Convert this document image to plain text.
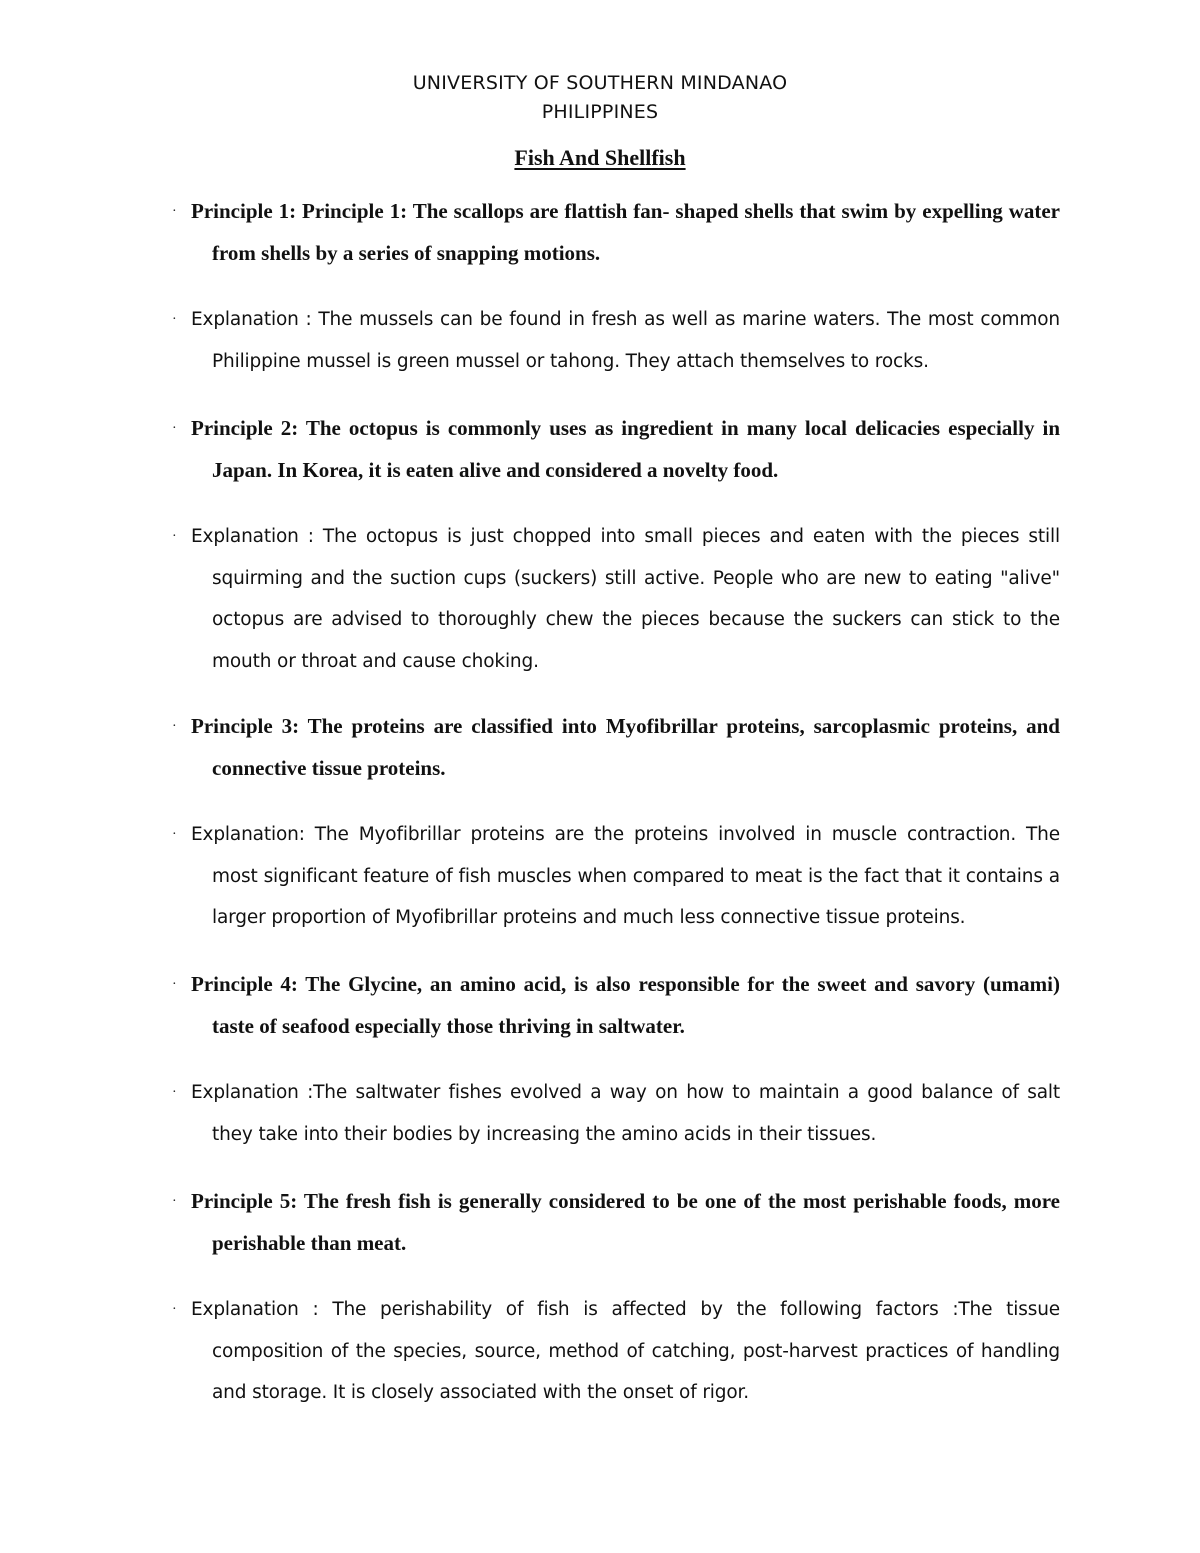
UNIVERSITY OF SOUTHERN MINDANAO
PHILIPPINES
Fish And Shellfish
· Principle 1: Principle 1: The scallops are flattish fan- shaped shells that swim by expelling water from shells by a series of snapping motions.
· Explanation : The mussels can be found in fresh as well as marine waters. The most common Philippine mussel is green mussel or tahong. They attach themselves to rocks.
· Principle 2: The octopus is commonly uses as ingredient in many local delicacies especially in Japan. In Korea, it is eaten alive and considered a novelty food.
· Explanation : The octopus is just chopped into small pieces and eaten with the pieces still squirming and the suction cups (suckers) still active. People who are new to eating "alive" octopus are advised to thoroughly chew the pieces because the suckers can stick to the mouth or throat and cause choking.
· Principle 3: The proteins are classified into Myofibrillar proteins, sarcoplasmic proteins, and connective tissue proteins.
· Explanation: The Myofibrillar proteins are the proteins involved in muscle contraction. The most significant feature of fish muscles when compared to meat is the fact that it contains a larger proportion of Myofibrillar proteins and much less connective tissue proteins.
· Principle 4: The Glycine, an amino acid, is also responsible for the sweet and savory (umami) taste of seafood especially those thriving in saltwater.
· Explanation :The saltwater fishes evolved a way on how to maintain a good balance of salt they take into their bodies by increasing the amino acids in their tissues.
· Principle 5: The fresh fish is generally considered to be one of the most perishable foods, more perishable than meat.
· Explanation : The perishability of fish is affected by the following factors :The tissue composition of the species, source, method of catching, post-harvest practices of handling and storage. It is closely associated with the onset of rigor.
